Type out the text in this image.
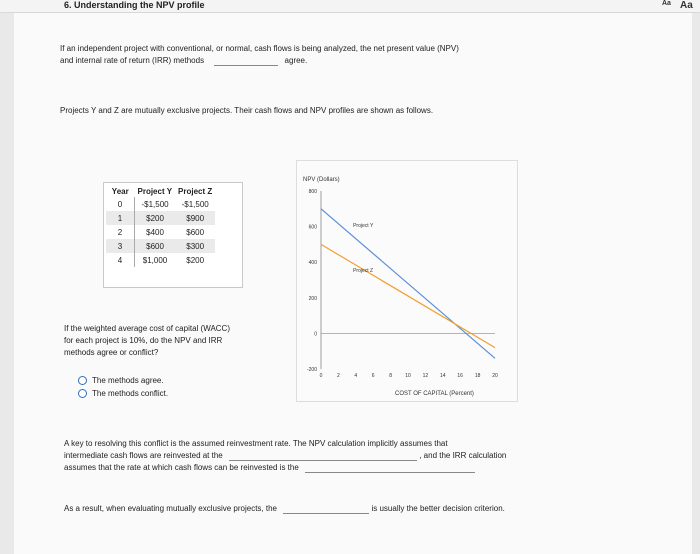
6. Understanding the NPV profile	Aa Aa
If an independent project with conventional, or normal, cash flows is being analyzed, the net present value (NPV)
and internal rate of return (IRR) methods	agree.
Projects Y and Z are mutually exclusive projects. Their cash flows and NPV profiles are shown as follows.
Year	Project Y	Project Z
0	-$1,500	-$1,500
1	$200	$900
2	$400	$600
3	$600	$300
4	$1,000	$200
If the weighted average cost of capital (WACC)
for each project is 10%, do the NPV and IRR
methods agree or conflict?
The methods agree.
The methods conflict.
NPV (Dollars)
800
600
400
200
0
-200
0	2	4	6	8	10 12 14 16 18 20
Project Y
Project Z
COST OF CAPITAL (Percent)
A key to resolving this conflict is the assumed reinvestment rate. The NPV calculation implicitly assumes that
intermediate cash flows are reinvested at the	, and the IRR calculation
assumes that the rate at which cash flows can be reinvested is the
As a result, when evaluating mutually exclusive projects, the	is usually the better decision criterion.
